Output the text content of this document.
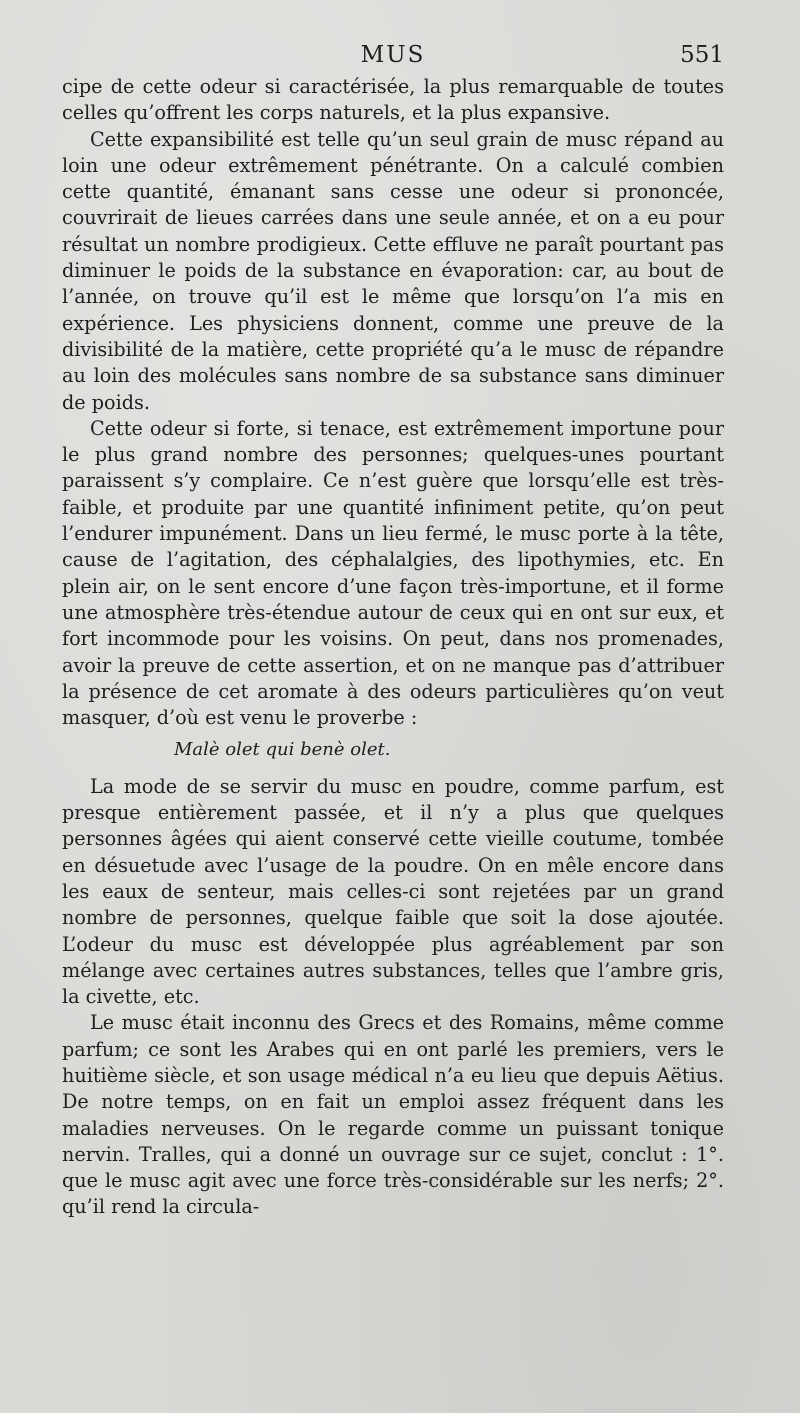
MUS	551

cipe de cette odeur si caractérisée, la plus remarquable de toutes celles qu’offrent les corps naturels, et la plus expansive.

Cette expansibilité est telle qu’un seul grain de musc répand au loin une odeur extrêmement pénétrante. On a calculé combien cette quantité, émanant sans cesse une odeur si prononcée, couvrirait de lieues carrées dans une seule année, et on a eu pour résultat un nombre prodigieux. Cette effluve ne paraît pourtant pas diminuer le poids de la substance en évaporation: car, au bout de l’année, on trouve qu’il est le même que lorsqu’on l’a mis en expérience. Les physiciens donnent, comme une preuve de la divisibilité de la matière, cette propriété qu’a le musc de répandre au loin des molécules sans nombre de sa substance sans diminuer de poids.

Cette odeur si forte, si tenace, est extrêmement importune pour le plus grand nombre des personnes; quelques-unes pourtant paraissent s’y complaire. Ce n’est guère que lorsqu’elle est très-faible, et produite par une quantité infiniment petite, qu’on peut l’endurer impunément. Dans un lieu fermé, le musc porte à la tête, cause de l’agitation, des céphalalgies, des lipothymies, etc. En plein air, on le sent encore d’une façon très-importune, et il forme une atmosphère très-étendue autour de ceux qui en ont sur eux, et fort incommode pour les voisins. On peut, dans nos promenades, avoir la preuve de cette assertion, et on ne manque pas d’attribuer la présence de cet aromate à des odeurs particulières qu’on veut masquer, d’où est venu le proverbe :

Malè olet qui benè olet.

La mode de se servir du musc en poudre, comme parfum, est presque entièrement passée, et il n’y a plus que quelques personnes âgées qui aient conservé cette vieille coutume, tombée en désuetude avec l’usage de la poudre. On en mêle encore dans les eaux de senteur, mais celles-ci sont rejetées par un grand nombre de personnes, quelque faible que soit la dose ajoutée. L’odeur du musc est développée plus agréablement par son mélange avec certaines autres substances, telles que l’ambre gris, la civette, etc.

Le musc était inconnu des Grecs et des Romains, même comme parfum; ce sont les Arabes qui en ont parlé les premiers, vers le huitième siècle, et son usage médical n’a eu lieu que depuis Aëtius. De notre temps, on en fait un emploi assez fréquent dans les maladies nerveuses. On le regarde comme un puissant tonique nervin. Tralles, qui a donné un ouvrage sur ce sujet, conclut : 1°. que le musc agit avec une force très-considérable sur les nerfs; 2°. qu’il rend la circula-
